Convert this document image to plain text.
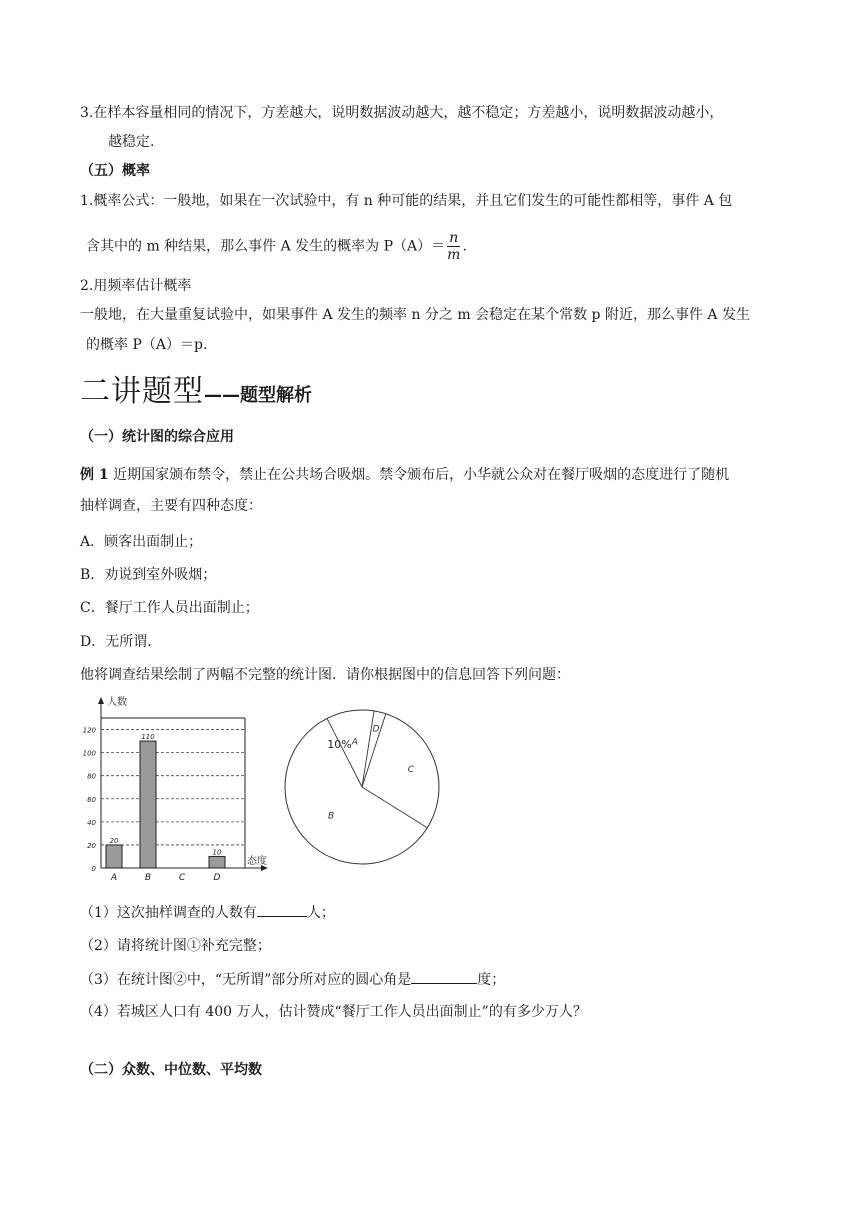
3.在样本容量相同的情况下，方差越大，说明数据波动越大，越不稳定；方差越小，说明数据波动越小，
越稳定.
（五）概率
1.概率公式：一般地，如果在一次试验中，有 n 种可能的结果，并且它们发生的可能性都相等，事件 A 包
含其中的 m 种结果，那么事件 A 发生的概率为 $P(A)= \frac{n}{m}$ .
2.用频率估计概率
一般地，在大量重复试验中，如果事件 A 发生的频率 n 分之 m 会稳定在某个常数 p 附近，那么事件 A 发生
的概率 P（A）＝p.
二讲题型——题型解析
（一）统计图的综合应用
例 1 近期国家颁布禁令，禁止在公共场合吸烟。禁令颁布后，小华就公众对在餐厅吸烟的态度进行了随机
抽样调查，主要有四种态度：
A．顾客出面制止；
B．劝说到室外吸烟；
C．餐厅工作人员出面制止；
D．无所谓．
他将调查结果绘制了两幅不完整的统计图．请你根据图中的信息回答下列问题：
0
20
40
60
80
100
120
人数
态度
20
A
110
B	C
10
D
D
C
B
A
10%
（1）这次抽样调查的人数有	人；
（2）请将统计图①补充完整；
（3）在统计图②中，“无所谓”部分所对应的圆心角是	度；
（4）若城区人口有 400 万人，估计赞成“餐厅工作人员出面制止”的有多少万人？
（二）众数、中位数、平均数
